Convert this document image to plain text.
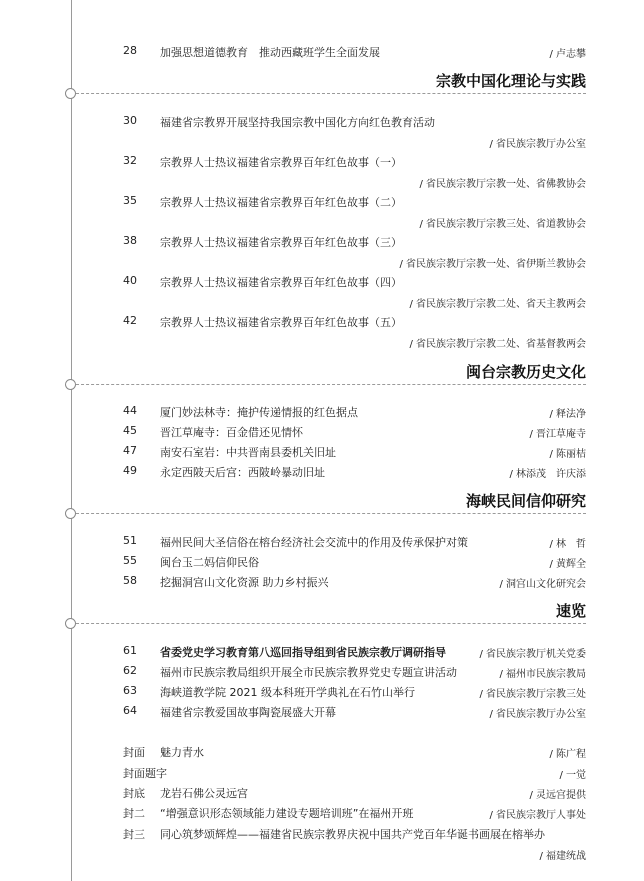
28 加强思想道德教育　推动西藏班学生全面发展	/ 卢志攀
宗教中国化理论与实践
30 福建省宗教界开展坚持我国宗教中国化方向红色教育活动
/ 省民族宗教厅办公室
32 宗教界人士热议福建省宗教界百年红色故事（一）
/ 省民族宗教厅宗教一处、省佛教协会
35 宗教界人士热议福建省宗教界百年红色故事（二）
/ 省民族宗教厅宗教三处、省道教协会
38 宗教界人士热议福建省宗教界百年红色故事（三）
/ 省民族宗教厅宗教一处、省伊斯兰教协会
40 宗教界人士热议福建省宗教界百年红色故事（四）
/ 省民族宗教厅宗教二处、省天主教两会
42 宗教界人士热议福建省宗教界百年红色故事（五）
/ 省民族宗教厅宗教二处、省基督教两会
闽台宗教历史文化
44 厦门妙法林寺：掩护传递情报的红色据点	/ 释法净
45 晋江草庵寺：百金借还见情怀	/ 晋江草庵寺
47 南安石室岩：中共晋南县委机关旧址	/ 陈丽桔
49 永定西陂天后宫：西陂岭暴动旧址	/ 林添茂　许庆添
海峡民间信仰研究
51 福州民间大圣信俗在榕台经济社会交流中的作用及传承保护对策	/ 林　哲
55 闽台玉二妈信仰民俗	/ 黄辉全
58 挖掘洞宫山文化资源 助力乡村振兴	/ 洞宫山文化研究会
速览
61 省委党史学习教育第八巡回指导组到省民族宗教厅调研指导	/ 省民族宗教厅机关党委
62 福州市民族宗教局组织开展全市民族宗教界党史专题宣讲活动	/ 福州市民族宗教局
63 海峡道教学院 2021 级本科班开学典礼在石竹山举行	/ 省民族宗教厅宗教三处
64 福建省宗教爱国故事陶瓷展盛大开幕	/ 省民族宗教厅办公室
封面 魅力青水	/ 陈广程
封面题字	/ 一觉
封底 龙岩石佛公灵远宫	/ 灵远宫提供
封二 “增强意识形态领域能力建设专题培训班”在福州开班	/ 省民族宗教厅人事处
封三 同心筑梦颂辉煌——福建省民族宗教界庆祝中国共产党百年华诞书画展在榕举办
/ 福建统战
